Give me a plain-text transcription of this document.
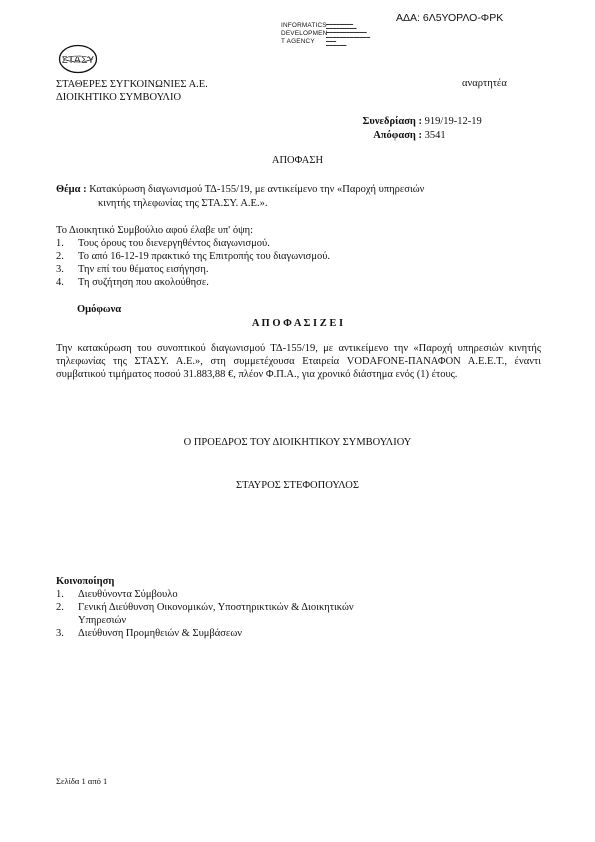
ΑΔΑ: 6Λ5ΥΟΡΛΟ-ΦΡΚ
INFORMATICS
DEVELOPMEN
T AGENCY
▬▬▬▬▬▬▬▬
▬▬▬▬▬▬▬▬▬
▬▬▬▬▬▬▬▬▬▬▬▬
▬▬▬▬▬▬▬▬▬▬▬▬▬
▬▬▬
▬▬▬▬▬▬
ΣΤΑΣΥ
ΣΤΑΘΕΡΕΣ ΣΥΓΚΟΙΝΩΝΙΕΣ Α.Ε.
ΔΙΟΙΚΗΤΙΚΟ ΣΥΜΒΟΥΛΙΟ
αναρτητέα
Συνεδρίαση : 919/19-12-19
Απόφαση : 3541
ΑΠΟΦΑΣΗ
Θέμα : Κατακύρωση διαγωνισμού ΤΔ-155/19, με αντικείμενο την «Παροχή υπηρεσιών
κινητής τηλεφωνίας της ΣΤΑ.ΣΥ. Α.Ε.».
Το Διοικητικό Συμβούλιο αφού έλαβε υπ' όψη:
1. Τους όρους του διενεργηθέντος διαγωνισμού.
2. Το από 16-12-19 πρακτικό της Επιτροπής του διαγωνισμού.
3. Την επί του θέματος εισήγηση.
4. Τη συζήτηση που ακολούθησε.
Ομόφωνα
Α Π Ο Φ Α Σ Ι Ζ Ε Ι
Την κατακύρωση του συνοπτικού διαγωνισμού ΤΔ-155/19, με αντικείμενο την «Παροχή υπηρεσιών κινητής τηλεφωνίας της ΣΤΑΣΥ. Α.Ε.», στη συμμετέχουσα Εταιρεία VODAFONE-ΠΑΝΑΦΟΝ Α.Ε.Ε.Τ., έναντι συμβατικού τιμήματος ποσού 31.883,88 €, πλέον Φ.Π.Α., για χρονικό διάστημα ενός (1) έτους.
Ο ΠΡΟΕΔΡΟΣ ΤΟΥ ΔΙΟΙΚΗΤΙΚΟΥ ΣΥΜΒΟΥΛΙΟΥ
ΣΤΑΥΡΟΣ ΣΤΕΦΟΠΟΥΛΟΣ
Κοινοποίηση
1. Διευθύνοντα Σύμβουλο
2. Γενική Διεύθυνση Οικονομικών, Υποστηρικτικών & Διοικητικών Υπηρεσιών
3. Διεύθυνση Προμηθειών & Συμβάσεων
Σελίδα 1 από 1
